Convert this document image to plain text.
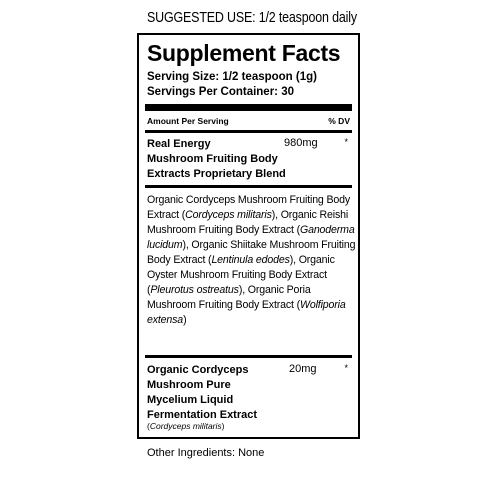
SUGGESTED USE: 1/2 teaspoon daily
Supplement Facts
Serving Size: 1/2 teaspoon (1g)
Servings Per Container: 30
Amount Per Serving	% DV
Real Energy
Mushroom Fruiting Body
Extracts Proprietary Blend
980mg	*
Organic Cordyceps Mushroom Fruiting Body Extract (Cordyceps militaris), Organic Reishi Mushroom Fruiting Body Extract (Ganoderma lucidum), Organic Shiitake Mushroom Fruiting Body Extract (Lentinula edodes), Organic Oyster Mushroom Fruiting Body Extract (Pleurotus ostreatus), Organic Poria Mushroom Fruiting Body Extract (Wolfiporia extensa)
Organic Cordyceps
Mushroom Pure
Mycelium Liquid
Fermentation Extract
20mg	*
(Cordyceps militaris)
Other Ingredients: None
